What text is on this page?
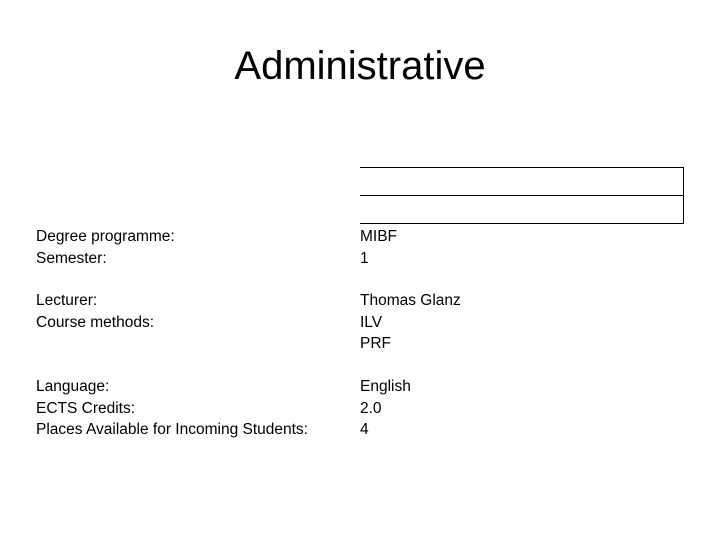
Administrative
Degree programme:
Semester:
MIBF
1
Lecturer:
Course methods:
Thomas Glanz
ILV
PRF
Language:
ECTS Credits:
Places Available for Incoming Students:
English
2.0
4
